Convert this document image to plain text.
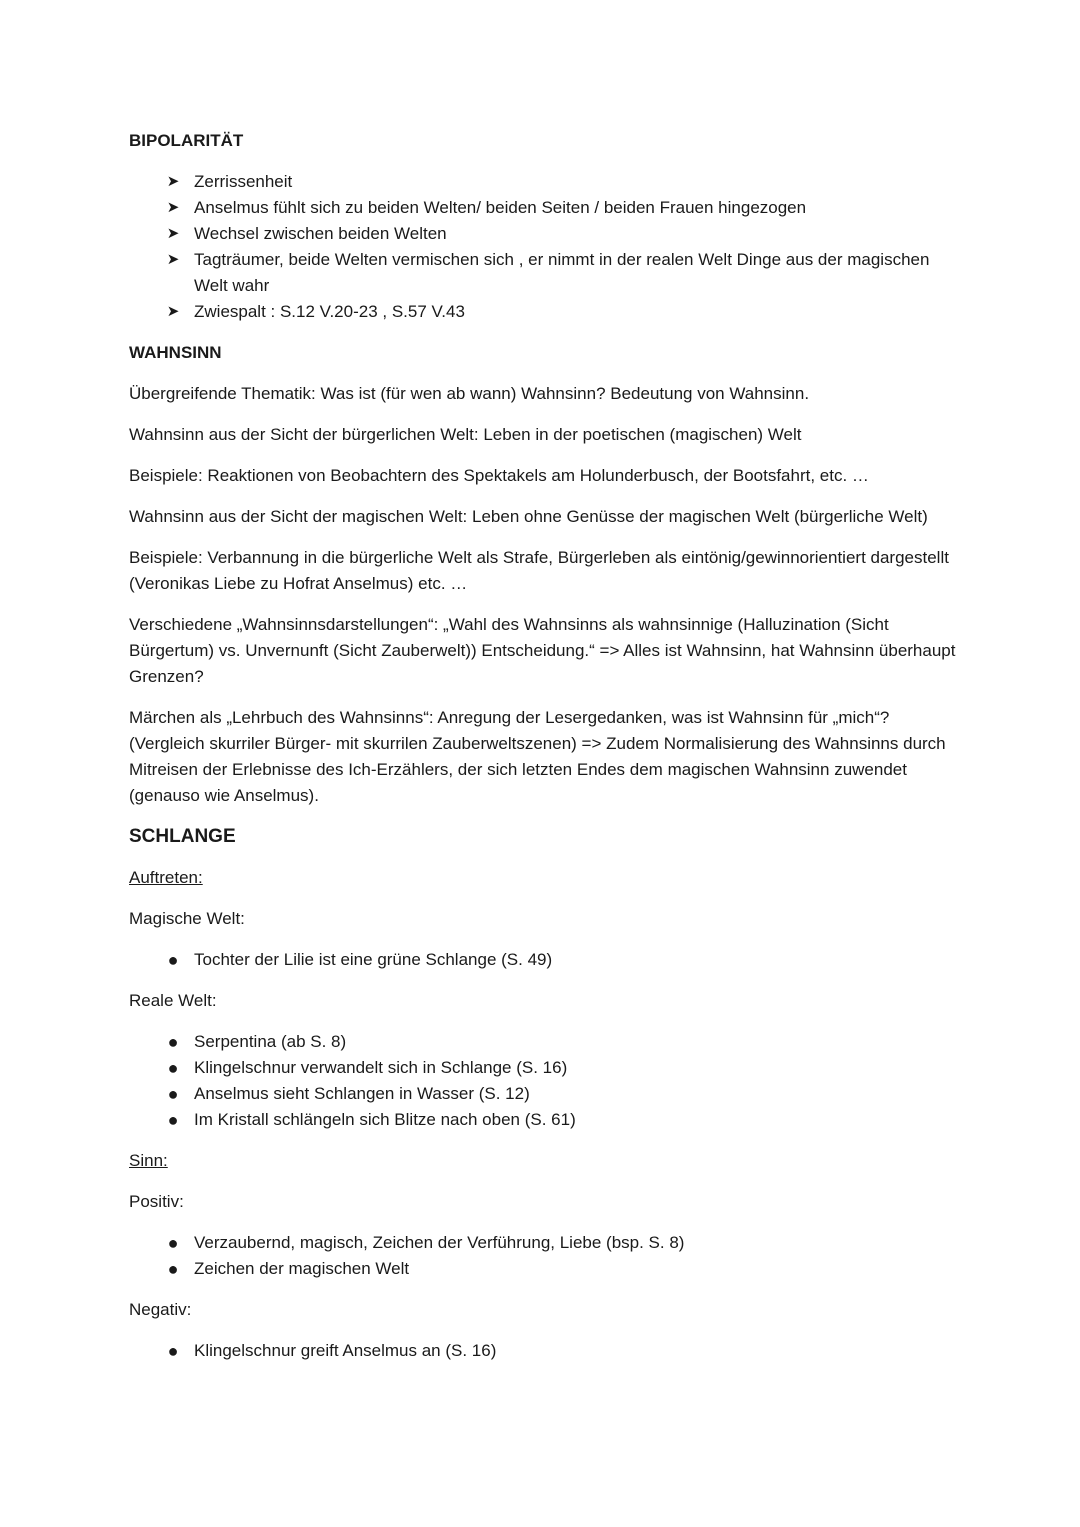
BIPOLARITÄT
➤ Zerrissenheit
➤ Anselmus fühlt sich zu beiden Welten/ beiden Seiten / beiden Frauen hingezogen
➤ Wechsel zwischen beiden Welten
➤ Tagträumer, beide Welten vermischen sich , er nimmt in der realen Welt Dinge aus der magischen Welt wahr
➤ Zwiespalt : S.12 V.20-23 , S.57 V.43
WAHNSINN

Übergreifende Thematik: Was ist (für wen ab wann) Wahnsinn? Bedeutung von Wahnsinn.

Wahnsinn aus der Sicht der bürgerlichen Welt: Leben in der poetischen (magischen) Welt

Beispiele: Reaktionen von Beobachtern des Spektakels am Holunderbusch, der Bootsfahrt, etc. …

Wahnsinn aus der Sicht der magischen Welt: Leben ohne Genüsse der magischen Welt (bürgerliche Welt)

Beispiele: Verbannung in die bürgerliche Welt als Strafe, Bürgerleben als eintönig/gewinnorientiert dargestellt (Veronikas Liebe zu Hofrat Anselmus) etc. …

Verschiedene „Wahnsinnsdarstellungen“: „Wahl des Wahnsinns als wahnsinnige (Halluzination (Sicht Bürgertum) vs. Unvernunft (Sicht Zauberwelt)) Entscheidung.“ => Alles ist Wahnsinn, hat Wahnsinn überhaupt Grenzen?

Märchen als „Lehrbuch des Wahnsinns“: Anregung der Lesergedanken, was ist Wahnsinn für „mich“? (Vergleich skurriler Bürger- mit skurrilen Zauberweltszenen) => Zudem Normalisierung des Wahnsinns durch Mitreisen der Erlebnisse des Ich-Erzählers, der sich letzten Endes dem magischen Wahnsinn zuwendet (genauso wie Anselmus).

SCHLANGE

Auftreten:

Magische Welt:

● Tochter der Lilie ist eine grüne Schlange (S. 49)

Reale Welt:

● Serpentina (ab S. 8)
● Klingelschnur verwandelt sich in Schlange (S. 16)
● Anselmus sieht Schlangen in Wasser (S. 12)
● Im Kristall schlängeln sich Blitze nach oben (S. 61)

Sinn:

Positiv:

● Verzaubernd, magisch, Zeichen der Verführung, Liebe (bsp. S. 8)
● Zeichen der magischen Welt

Negativ:

● Klingelschnur greift Anselmus an (S. 16)
